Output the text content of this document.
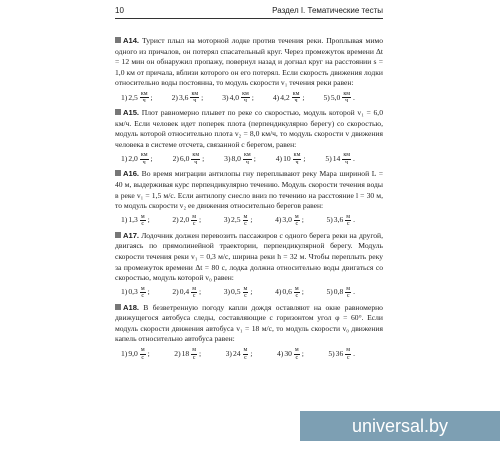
10	Раздел I. Тематические тесты

А14. Турист плыл на моторной лодке против течения реки. Проплывая мимо одного из причалов, он потерял спасательный круг. Через промежуток времени Δt = 12 мин он обнаружил пропажу, повернул назад и догнал круг на расстоянии s = 1,0 км от причала, вблизи которого он его потерял. Если скорость движения лодки относительно воды постоянна, то модуль скорости v₁ течения реки равен:

1) $2,5 \frac{км}{ч}$ ; 2) $3,6 \frac{км}{ч}$ ; 3) $4,0 \frac{км}{ч}$ ; 4) $4,2 \frac{км}{ч}$ ; 5) $5,0 \frac{км}{ч}$ .

А15. Плот равномерно плывет по реке со скоростью, модуль которой v₁ = 6,0 км/ч. Если человек идет поперек плота (перпендикулярно берегу) со скоростью, модуль которой относительно плота v₂ = 8,0 км/ч, то модуль скорости v движения человека в системе отсчета, связанной с берегом, равен:

1) $2,0 \frac{км}{ч}$ ;	2) $6,0 \frac{км}{ч}$ ;	3) $8,0 \frac{км}{ч}$ ;	4) $10 \frac{км}{ч}$ ;	5) $14 \frac{км}{ч}$ .

А16. Во время миграции антилопы гну переплывают реку Мара шириной L = 40 м, выдерживая курс перпендикулярно течению. Модуль скорости течения воды в реке v₁ = 1,5 м/с. Если антилопу снесло вниз по течению на расстояние l = 30 м, то модуль скорости v₂ ее движения относительно берегов равен:

1) $1,3 \frac{м}{с}$ ;	2) $2,0 \frac{м}{с}$ ;	3) $2,5 \frac{м}{с}$ ;	4) $3,0 \frac{м}{с}$ ;	5) $3,6 \frac{м}{с}$ .

А17. Лодочник должен перевозить пассажиров с одного берега реки на другой, двигаясь по прямолинейной траектории, перпендикулярной берегу. Модуль скорости течения реки v₁ = 0,3 м/с, ширина реки h = 32 м. Чтобы переплыть реку за промежуток времени Δt = 80 с, лодка должна относительно воды двигаться со скоростью, модуль которой v₀ равен:

1) $0,3 \frac{м}{с}$ ;	2) $0,4 \frac{м}{с}$ ;	3) $0,5 \frac{м}{с}$ ;	4) $0,6 \frac{м}{с}$ ;	5) $0,8 \frac{м}{с}$ .

А18. В безветренную погоду капли дождя оставляют на окне равномерно движущегося автобуса следы, составляющие с горизонтом угол φ = 60°. Если модуль скорости движения автобуса v₁ = 18 м/с, то модуль скорости v₀ движения капель относительно автобуса равен:

1) $9,0 \frac{м}{с}$ ;	2) $18 \frac{м}{с}$ ;	3) $24 \frac{м}{с}$ ;	4) $30 \frac{м}{с}$ ;	5) $36 \frac{м}{с}$ .
universal.by
